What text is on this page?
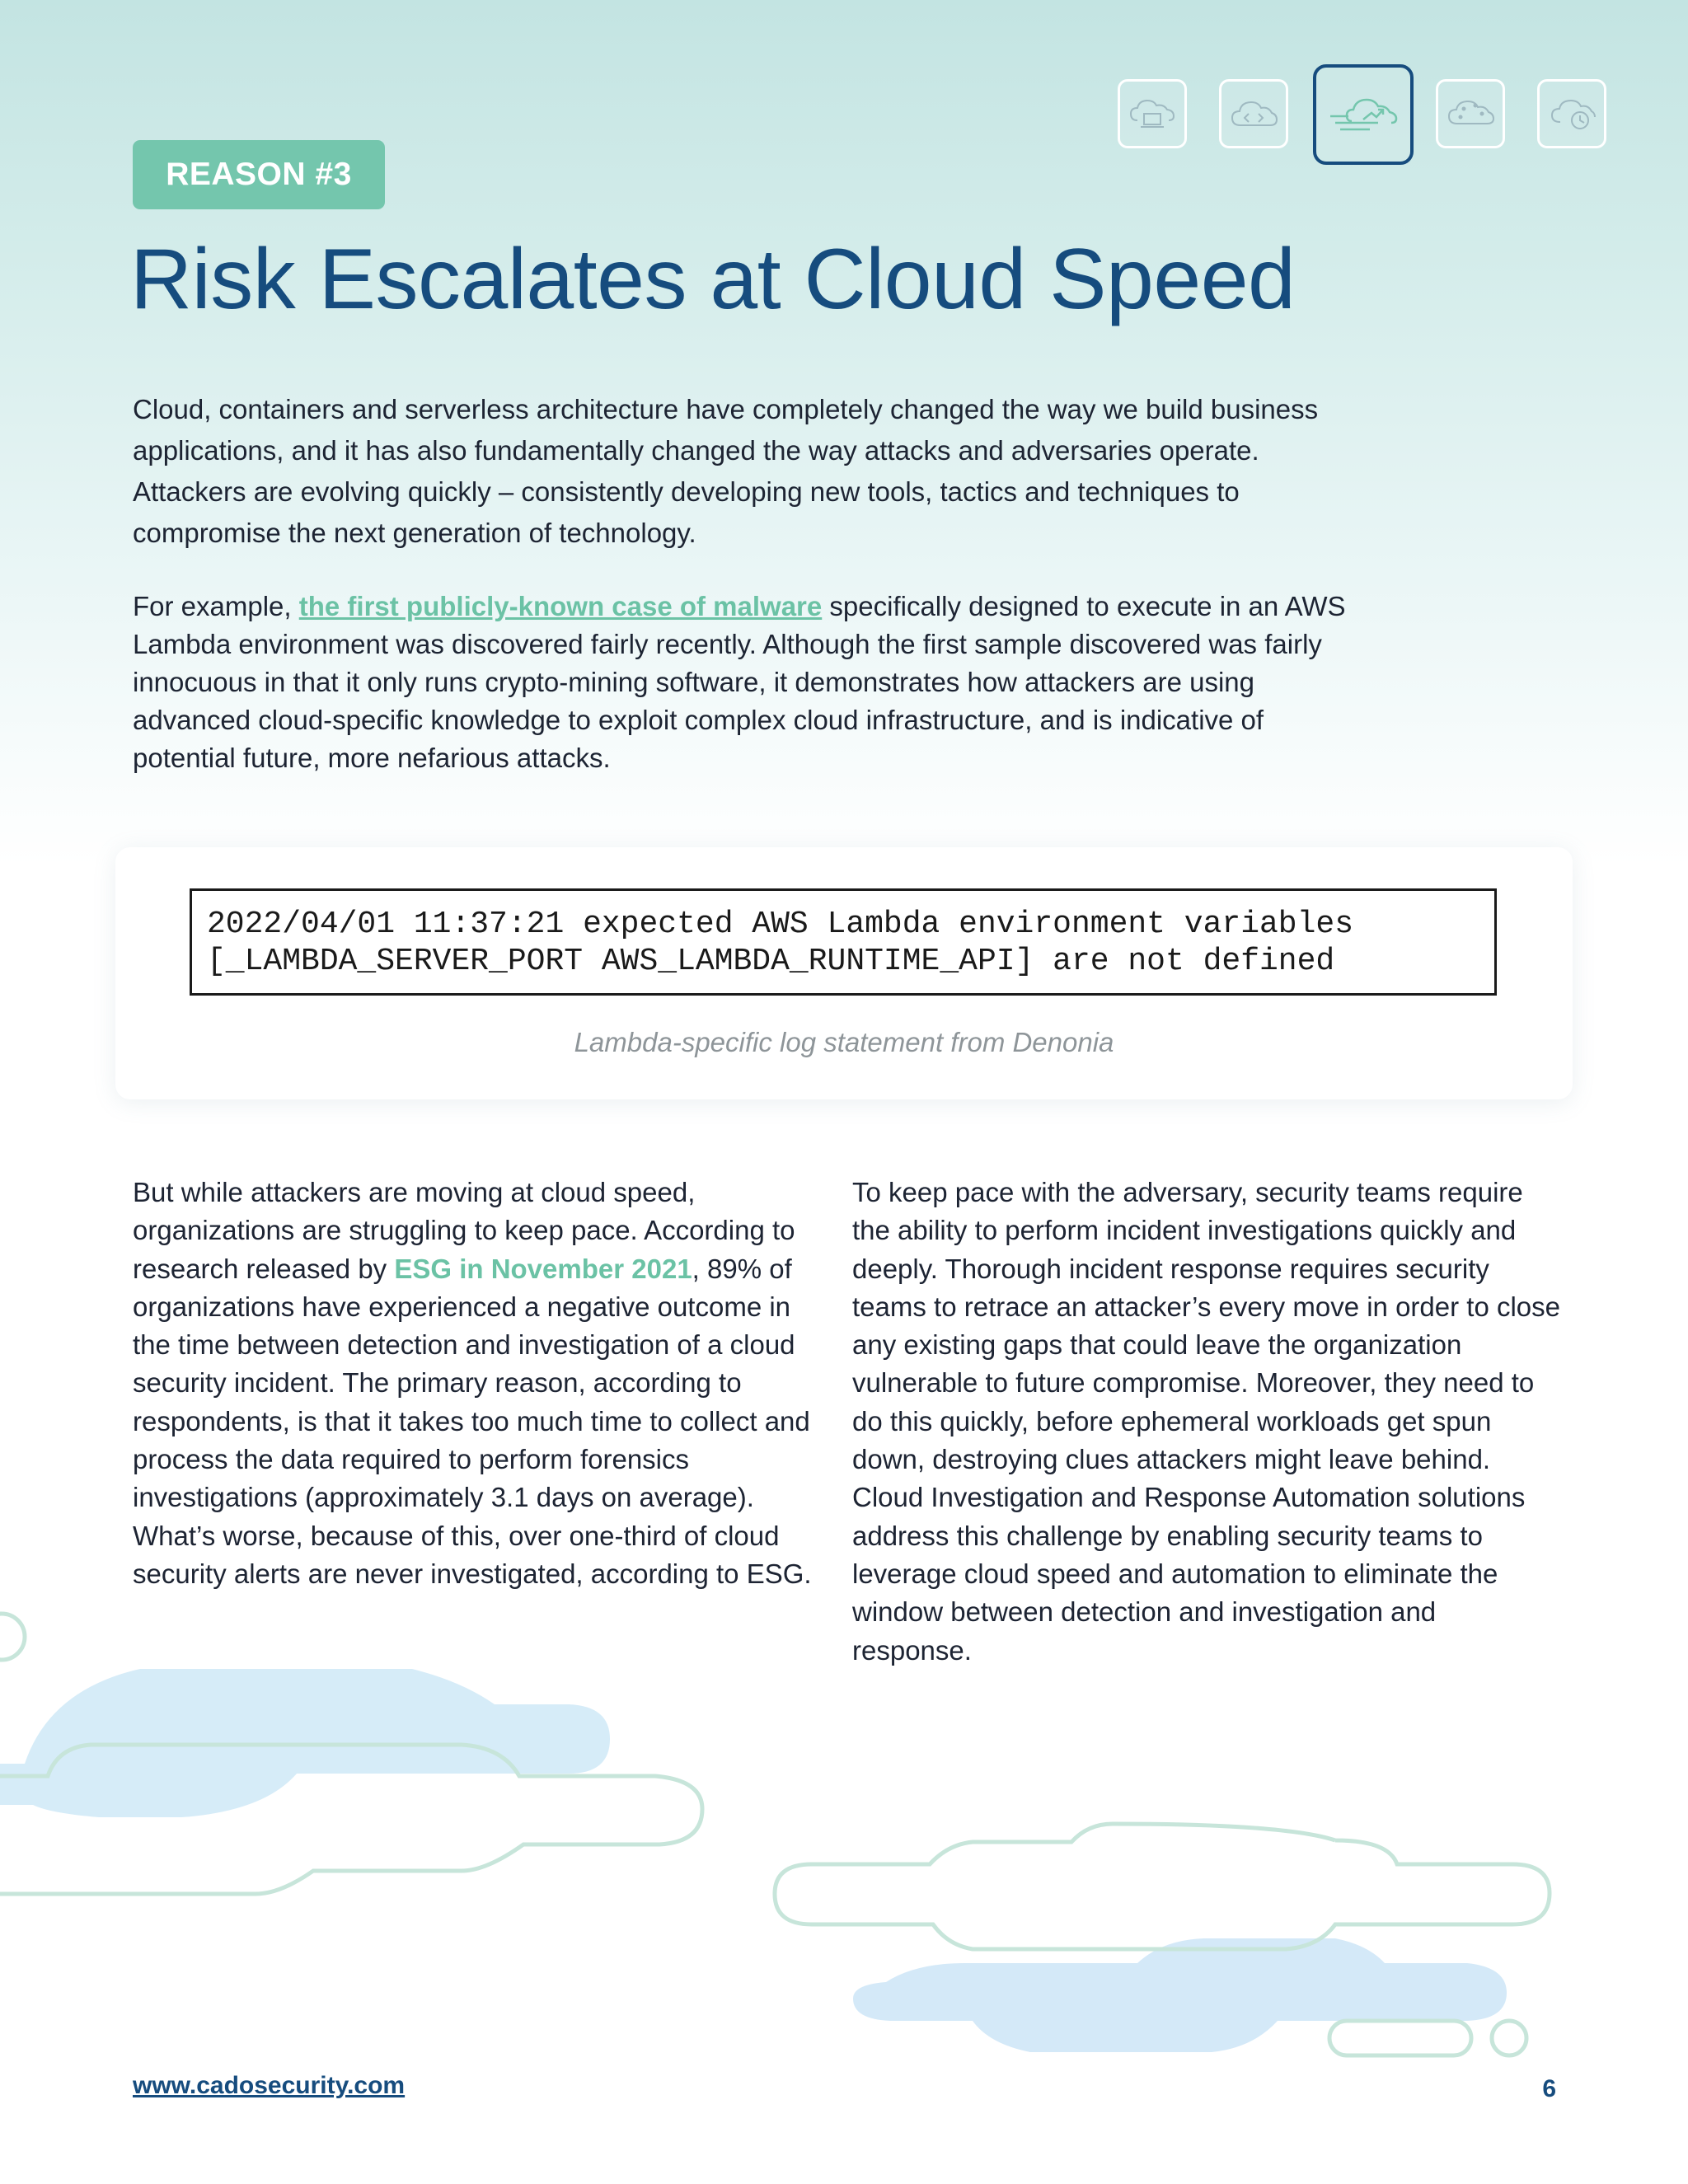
REASON #3
Risk Escalates at Cloud Speed

Cloud, containers and serverless architecture have completely changed the way we build business applications, and it has also fundamentally changed the way attacks and adversaries operate. Attackers are evolving quickly – consistently developing new tools, tactics and techniques to compromise the next generation of technology.

For example, the first publicly-known case of malware specifically designed to execute in an AWS Lambda environment was discovered fairly recently. Although the first sample discovered was fairly innocuous in that it only runs crypto-mining software, it demonstrates how attackers are using advanced cloud-specific knowledge to exploit complex cloud infrastructure, and is indicative of potential future, more nefarious attacks.

2022/04/01 11:37:21 expected AWS Lambda environment variables
[_LAMBDA_SERVER_PORT AWS_LAMBDA_RUNTIME_API] are not defined
Lambda-specific log statement from Denonia

But while attackers are moving at cloud speed, organizations are struggling to keep pace. According to research released by ESG in November 2021, 89% of organizations have experienced a negative outcome in the time between detection and investigation of a cloud security incident. The primary reason, according to respondents, is that it takes too much time to collect and process the data required to perform forensics investigations (approximately 3.1 days on average). What’s worse, because of this, over one-third of cloud security alerts are never investigated, according to ESG.

To keep pace with the adversary, security teams require the ability to perform incident investigations quickly and deeply. Thorough incident response requires security teams to retrace an attacker’s every move in order to close any existing gaps that could leave the organization vulnerable to future compromise. Moreover, they need to do this quickly, before ephemeral workloads get spun down, destroying clues attackers might leave behind. Cloud Investigation and Response Automation solutions address this challenge by enabling security teams to leverage cloud speed and automation to eliminate the window between detection and investigation and response.

www.cadosecurity.com	6
